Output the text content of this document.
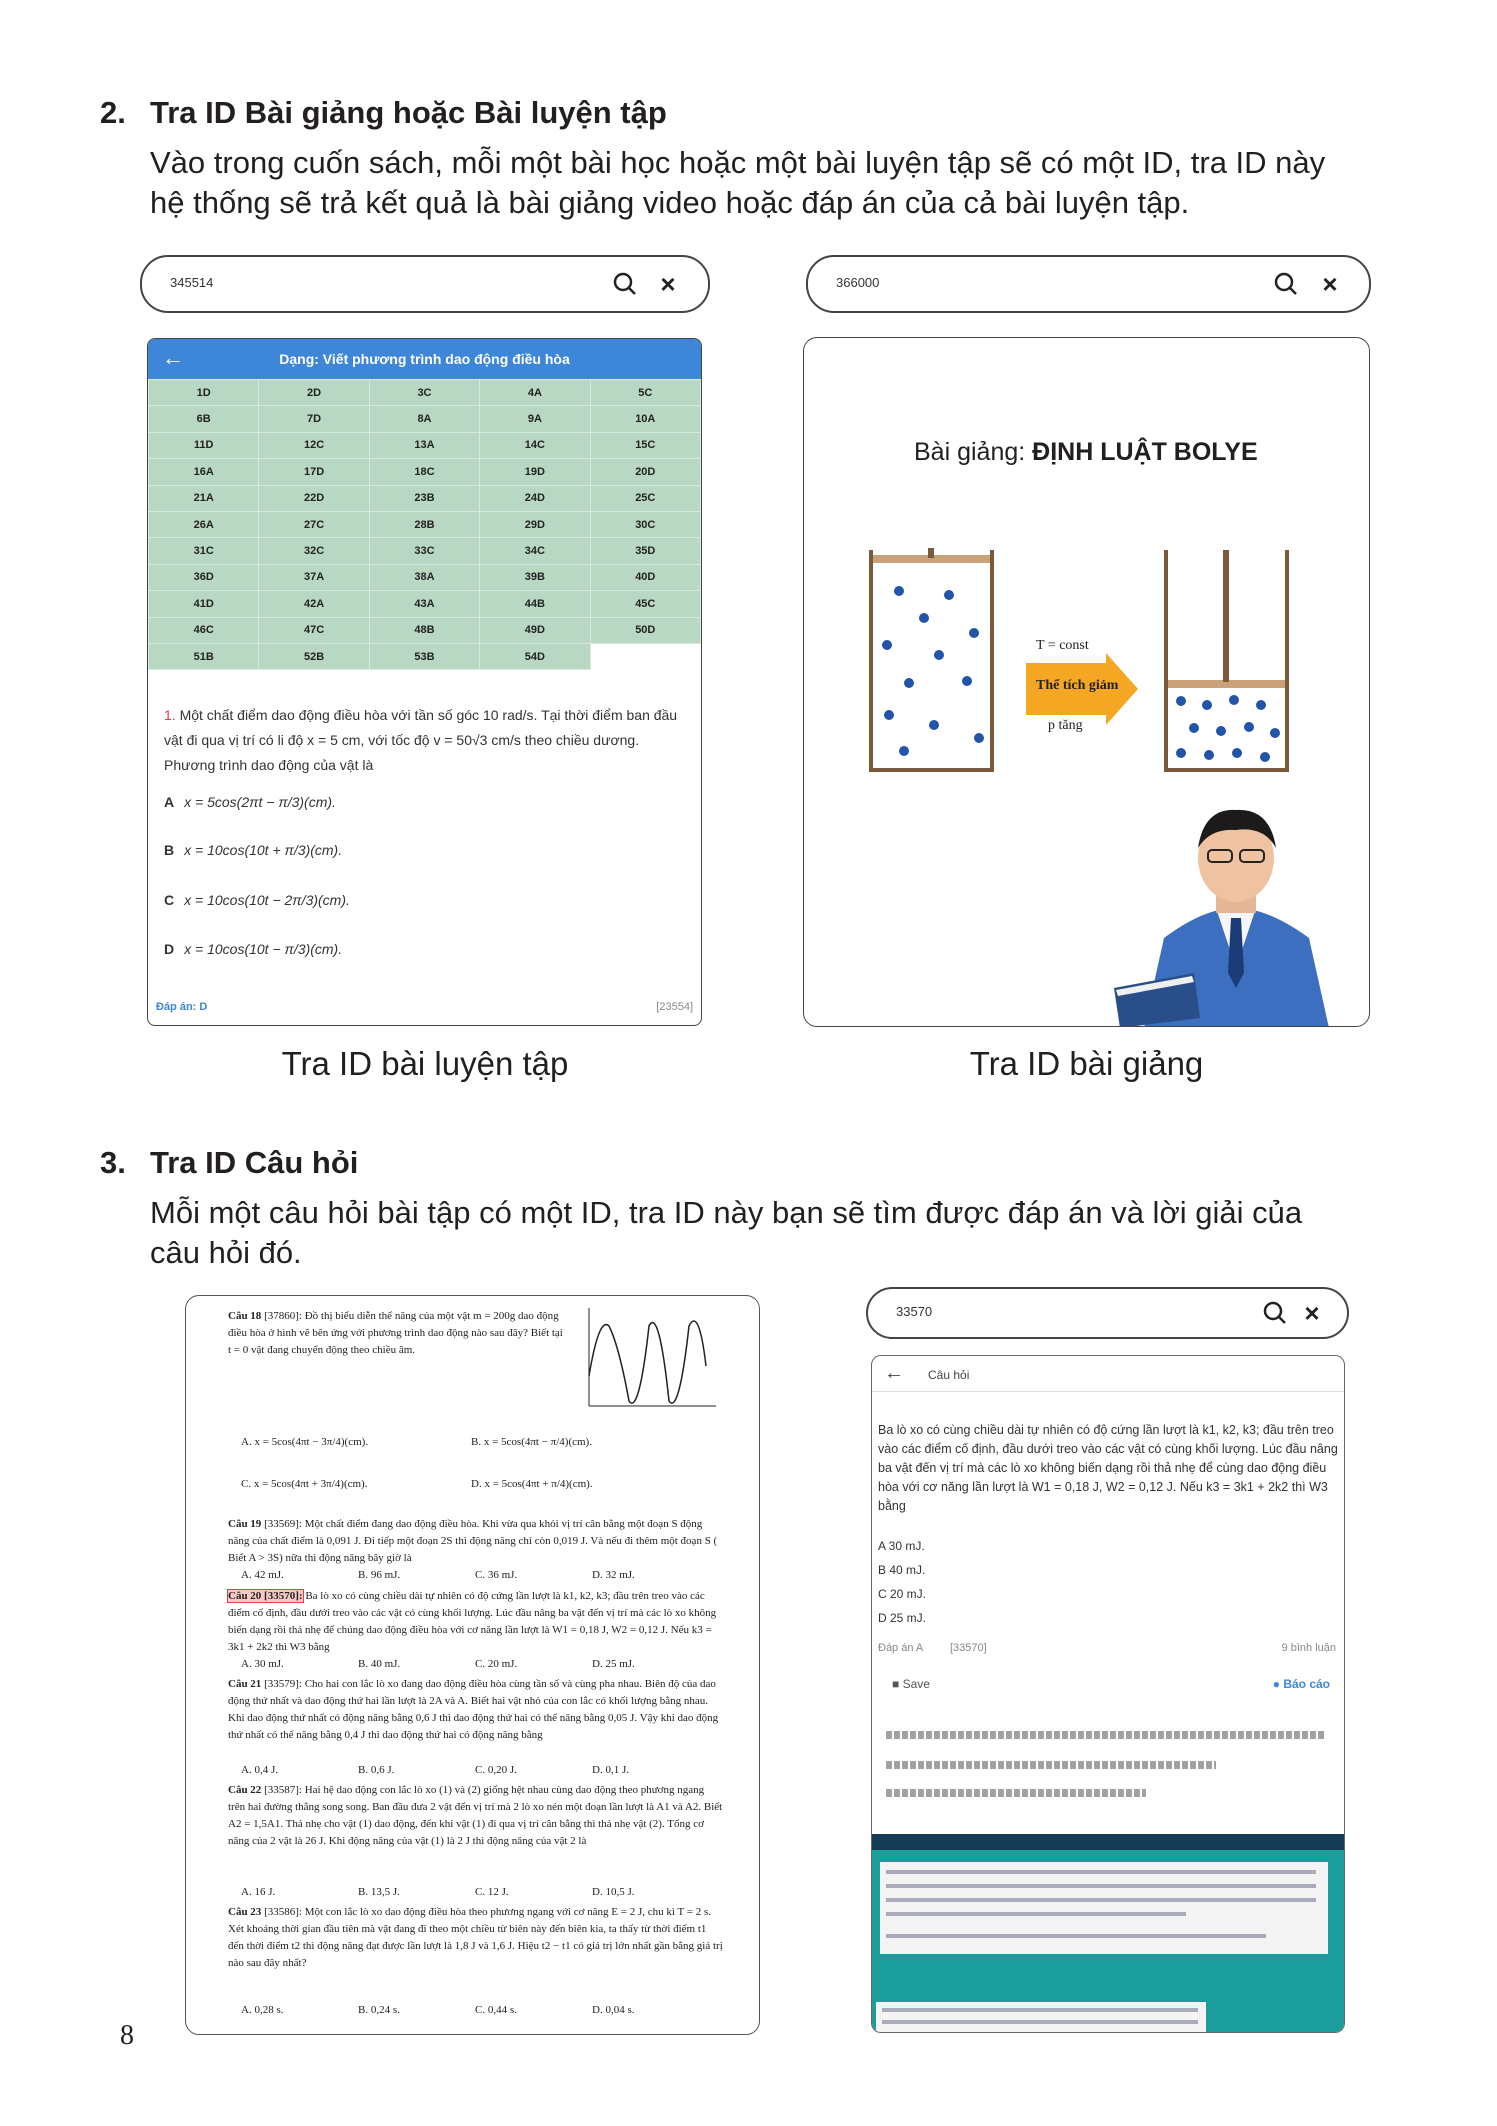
2. Tra ID Bài giảng hoặc Bài luyện tập
Vào trong cuốn sách, mỗi một bài học hoặc một bài luyện tập sẽ có một ID, tra ID này
hệ thống sẽ trả kết quả là bài giảng video hoặc đáp án của cả bài luyện tập.
345514	×	366000	×
←	Dạng: Viết phương trình dao động điều hòa
1D	2D	3C	4A	5C
6B	7D	8A	9A	10A
11D	12C	13A	14C	15C
16A	17D	18C	19D	20D
21A	22D	23B	24D	25C
26A	27C	28B	29D	30C
31C	32C	33C	34C	35D
36D	37A	38A	39B	40D
41D	42A	43A	44B	45C
46C	47C	48B	49D	50D
51B	52B	53B	54D	
1. Một chất điểm dao động điều hòa với tần số góc 10 rad/s. Tại thời điểm ban đầu vật đi qua vị trí có li độ x = 5 cm, với tốc độ v = 50√3 cm/s theo chiều dương. Phương trình dao động của vật là
A x = 5cos(2πt − π/3)(cm).
B x = 10cos(10t + π/3)(cm).
C x = 10cos(10t − 2π/3)(cm).
D x = 10cos(10t − π/3)(cm).
Đáp án: D	[23554]
Bài giảng: ĐỊNH LUẬT BOLYE
T = const
Thể tích giảm
p tăng
Tra ID bài luyện tập	Tra ID bài giảng
3. Tra ID Câu hỏi
Mỗi một câu hỏi bài tập có một ID, tra ID này bạn sẽ tìm được đáp án và lời giải của
câu hỏi đó.
Câu 18 [37860]: Đồ thị biểu diễn thế năng của một vật m = 200g dao động điều hòa ở hình vẽ bên ứng với phương trình dao động nào sau đây? Biết tại t = 0 vật đang chuyển động theo chiều âm.
A. x = 5cos(4πt − 3π/4)(cm).	B. x = 5cos(4πt − π/4)(cm).
C. x = 5cos(4πt + 3π/4)(cm).	D. x = 5cos(4πt + π/4)(cm).
Câu 19 [33569]: Một chất điểm đang dao động điều hòa. Khi vừa qua khỏi vị trí cân bằng một đoạn S động năng của chất điểm là 0,091 J. Đi tiếp một đoạn 2S thì động năng chỉ còn 0,019 J. Và nếu đi thêm một đoạn S ( Biết A > 3S) nữa thì động năng bây giờ là
A. 42 mJ.	B. 96 mJ.	C. 36 mJ.	D. 32 mJ.
Câu 20 [33570]: Ba lò xo có cùng chiều dài tự nhiên có độ cứng lần lượt là k1, k2, k3; đầu trên treo vào các điểm cố định, đầu dưới treo vào các vật có cùng khối lượng. Lúc đầu nâng ba vật đến vị trí mà các lò xo không biến dạng rồi thả nhẹ để chúng dao động điều hòa với cơ năng lần lượt là W1 = 0,18 J, W2 = 0,12 J. Nếu k3 = 3k1 + 2k2 thì W3 bằng
A. 30 mJ.	B. 40 mJ.	C. 20 mJ.	D. 25 mJ.
Câu 21 [33579]: Cho hai con lắc lò xo đang dao động điều hòa cùng tần số và cùng pha nhau. Biên độ của dao động thứ nhất và dao động thứ hai lần lượt là 2A và A. Biết hai vật nhỏ của con lắc có khối lượng bằng nhau. Khi dao động thứ nhất có động năng bằng 0,6 J thì dao động thứ hai có thế năng bằng 0,05 J. Vậy khi dao động thứ nhất có thế năng bằng 0,4 J thì dao động thứ hai có động năng bằng
A. 0,4 J.	B. 0,6 J.	C. 0,20 J.	D. 0,1 J.
Câu 22 [33587]: Hai hệ dao động con lắc lò xo (1) và (2) giống hệt nhau cùng dao động theo phương ngang trên hai đường thẳng song song. Ban đầu đưa 2 vật đến vị trí mà 2 lò xo nén một đoạn lần lượt là A1 và A2. Biết A2 = 1,5A1. Thả nhẹ cho vật (1) dao động, đến khi vật (1) đi qua vị trí cân bằng thì thả nhẹ vật (2). Tổng cơ năng của 2 vật là 26 J. Khi động năng của vật (1) là 2 J thì động năng của vật 2 là
A. 16 J.	B. 13,5 J.	C. 12 J.	D. 10,5 J.
Câu 23 [33586]: Một con lắc lò xo dao động điều hòa theo phương ngang với cơ năng E = 2 J, chu kì T = 2 s. Xét khoảng thời gian đầu tiên mà vật đang đi theo một chiều từ biên này đến biên kia, ta thấy từ thời điểm t1 đến thời điểm t2 thì động năng đạt được lần lượt là 1,8 J và 1,6 J. Hiệu t2 − t1 có giá trị lớn nhất gần bằng giá trị nào sau đây nhất?
A. 0,28 s.	B. 0,24 s.	C. 0,44 s.	D. 0,04 s.
33570	×
← Câu hỏi
Ba lò xo có cùng chiều dài tự nhiên có độ cứng lần lượt là k1, k2, k3; đầu trên treo vào các điểm cố định, đầu dưới treo vào các vật có cùng khối lượng. Lúc đầu nâng ba vật đến vị trí mà các lò xo không biến dạng rồi thả nhẹ để cùng dao động điều hòa với cơ năng lần lượt là W1 = 0,18 J, W2 = 0,12 J. Nếu k3 = 3k1 + 2k2 thì W3 bằng
A 30 mJ.
B 40 mJ.
C 20 mJ.
D 25 mJ.
Đáp án A [33570]	9 bình luận
■ Save	● Báo cáo
8
